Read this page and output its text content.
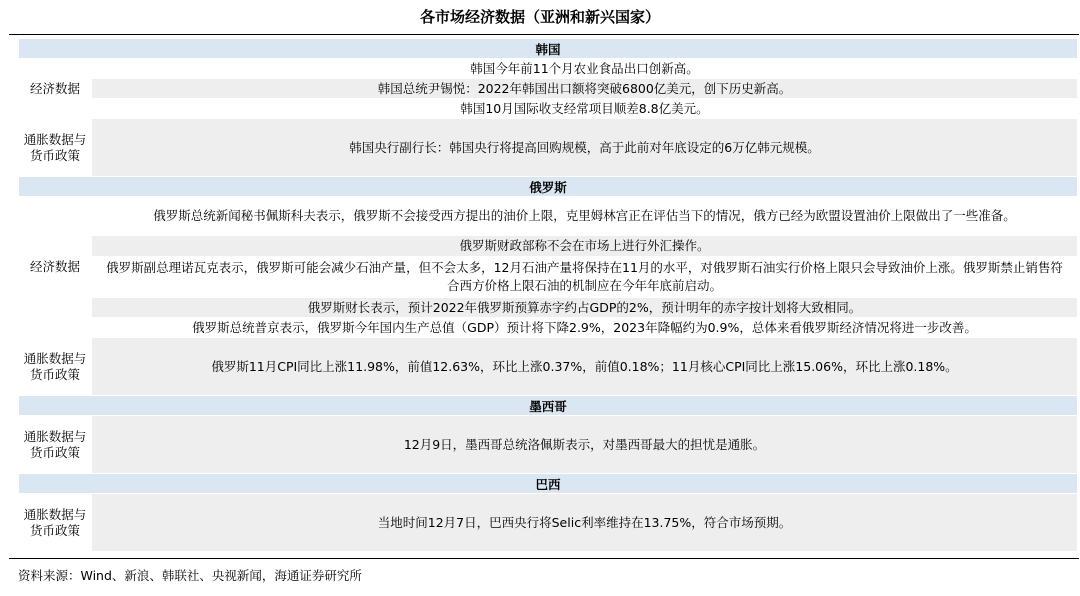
各市场经济数据（亚洲和新兴国家）
韩国	
经济数据	韩国今年前11个月农业食品出口创新高。
	韩国总统尹锡悦：2022年韩国出口额将突破6800亿美元，创下历史新高。
	韩国10月国际收支经常项目顺差8.8亿美元。
通胀数据与货币政策	韩国央行副行长：韩国央行将提高回购规模，高于此前对年底设定的6万亿韩元规模。
俄罗斯	
经济数据	俄罗斯总统新闻秘书佩斯科夫表示，俄罗斯不会接受西方提出的油价上限，克里姆林宫正在评估当下的情况，俄方已经为欧盟设置油价上限做出了一些准备。

	俄罗斯财政部称不会在市场上进行外汇操作。

	俄罗斯副总理诺瓦克表示，俄罗斯可能会减少石油产量，但不会太多，12月石油产量将保持在11月的水平，对俄罗斯石油实行价格上限只会导致油价上涨。俄罗斯禁止销售符合西方价格上限石油的机制应在今年年底前启动。

	俄罗斯财长表示，预计2022年俄罗斯预算赤字约占GDP的2%，预计明年的赤字按计划将大致相同。
	俄罗斯总统普京表示，俄罗斯今年国内生产总值（GDP）预计将下降2.9%，2023年降幅约为0.9%，总体来看俄罗斯经济情况将进一步改善。
通胀数据与货币政策	俄罗斯11月CPI同比上涨11.98%，前值12.63%，环比上涨0.37%，前值0.18%；11月核心CPI同比上涨15.06%，环比上涨0.18%。
墨西哥	
通胀数据与货币政策	12月9日，墨西哥总统洛佩斯表示，对墨西哥最大的担忧是通胀。
巴西	
通胀数据与货币政策	当地时间12月7日，巴西央行将Selic利率维持在13.75%，符合市场预期。
资料来源：Wind、新浪、韩联社、央视新闻，海通证券研究所
